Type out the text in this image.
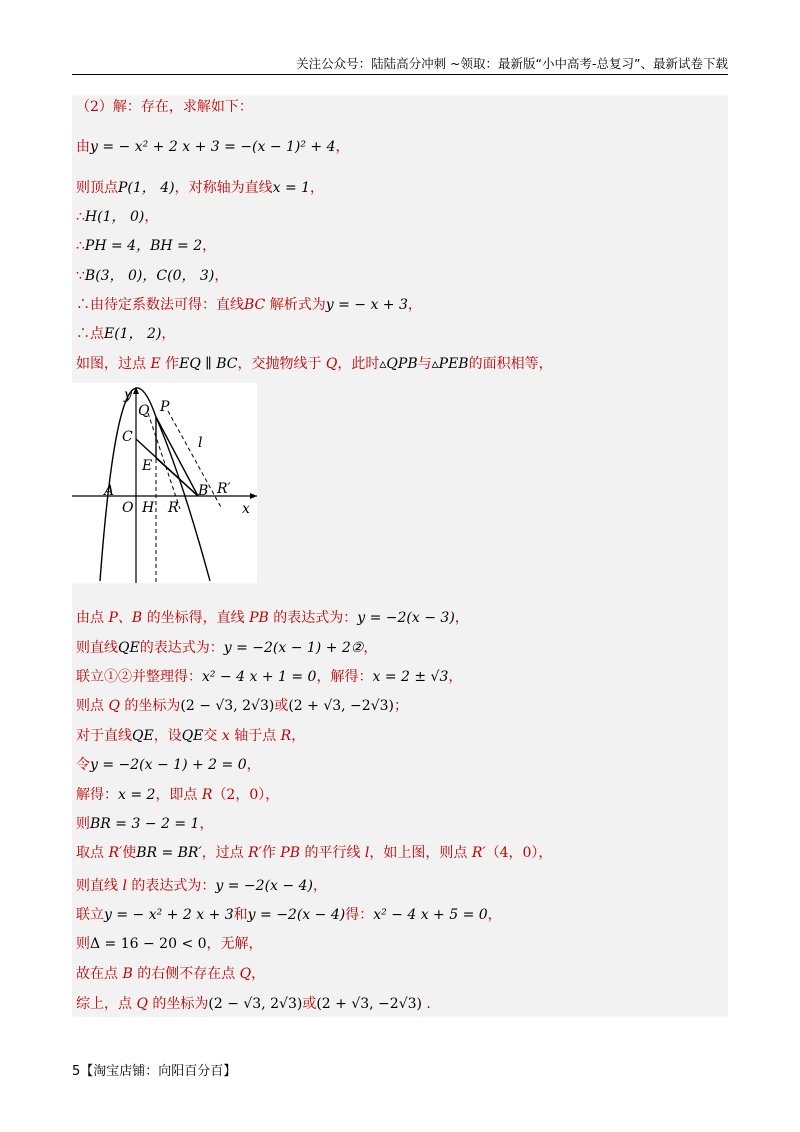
关注公众号：陆陆高分冲刺 ~领取：最新版“小中高考-总复习”、最新试卷下载
（2）解：存在，求解如下：
由y = − x² + 2 x + 3 = −(x − 1)² + 4，
则顶点P(1， 4)，对称轴为直线x = 1，
∴H(1， 0)，
∴PH = 4，BH = 2，
∵B(3， 0)，C(0， 3)，
∴由待定系数法可得：直线BC 解析式为y = − x + 3，
∴点E(1， 2)，
如图，过点 E 作EQ ∥ BC，交抛物线于 Q，此时▵QPB与▵PEB的面积相等，
y
x
Q P
C	l
E
A	B R′
O H R
由点 P、B 的坐标得，直线 PB 的表达式为：y = −2(x − 3)，
则直线QE的表达式为：y = −2(x − 1) + 2②，
联立①②并整理得：x² − 4 x + 1 = 0，解得：x = 2 ± √3，
则点 Q 的坐标为(2 − √3, 2√3)或(2 + √3, −2√3)；
对于直线QE，设QE交 x 轴于点 R，
令y = −2(x − 1) + 2 = 0，
解得：x = 2，即点 R（2，0），
则BR = 3 − 2 = 1，
取点 R′使BR = BR′，过点 R′作 PB 的平行线 l，如上图，则点 R′（4，0），
则直线 l 的表达式为：y = −2(x − 4)，
联立y = − x² + 2 x + 3和y = −2(x − 4)得：x² − 4 x + 5 = 0，
则Δ = 16 − 20 < 0，无解，
故在点 B 的右侧不存在点 Q，
综上，点 Q 的坐标为(2 − √3, 2√3)或(2 + √3, −2√3) .
5【淘宝店铺：向阳百分百】
